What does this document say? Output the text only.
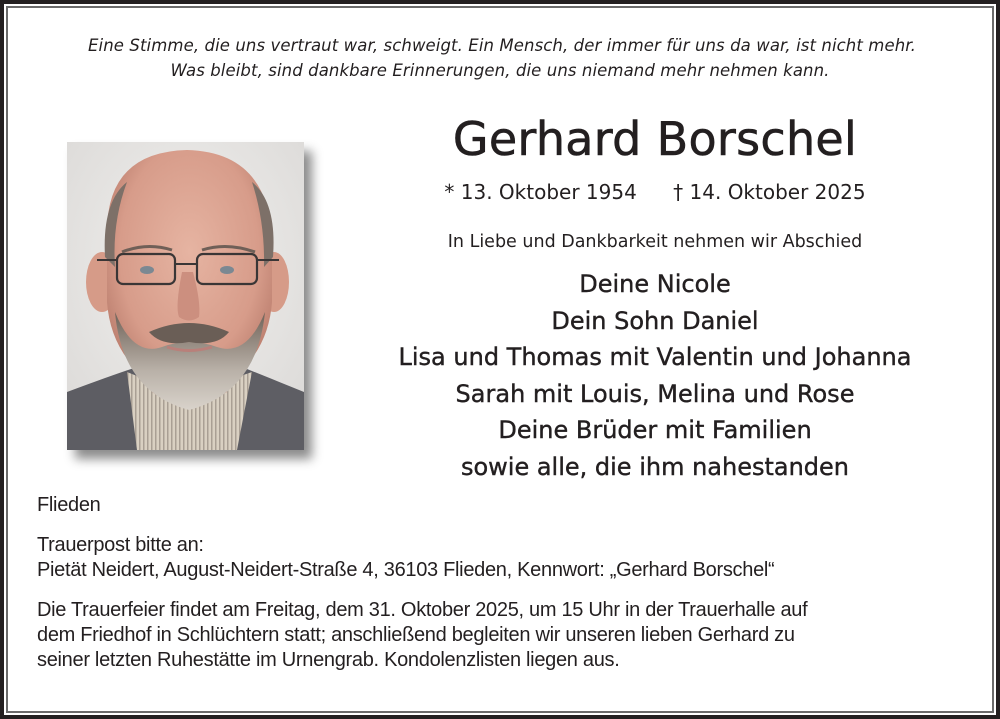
Eine Stimme, die uns vertraut war, schweigt. Ein Mensch, der immer für uns da war, ist nicht mehr.
Was bleibt, sind dankbare Erinnerungen, die uns niemand mehr nehmen kann.
Gerhard Borschel
* 13. Oktober 1954 † 14. Oktober 2025
In Liebe und Dankbarkeit nehmen wir Abschied
Deine Nicole
Dein Sohn Daniel
Lisa und Thomas mit Valentin und Johanna
Sarah mit Louis, Melina und Rose
Deine Brüder mit Familien
sowie alle, die ihm nahestanden
Flieden
Trauerpost bitte an:
Pietät Neidert, August-Neidert-Straße 4, 36103 Flieden, Kennwort: „Gerhard Borschel“
Die Trauerfeier findet am Freitag, dem 31. Oktober 2025, um 15 Uhr in der Trauerhalle auf
dem Friedhof in Schlüchtern statt; anschließend begleiten wir unseren lieben Gerhard zu
seiner letzten Ruhestätte im Urnengrab. Kondolenzlisten liegen aus.
